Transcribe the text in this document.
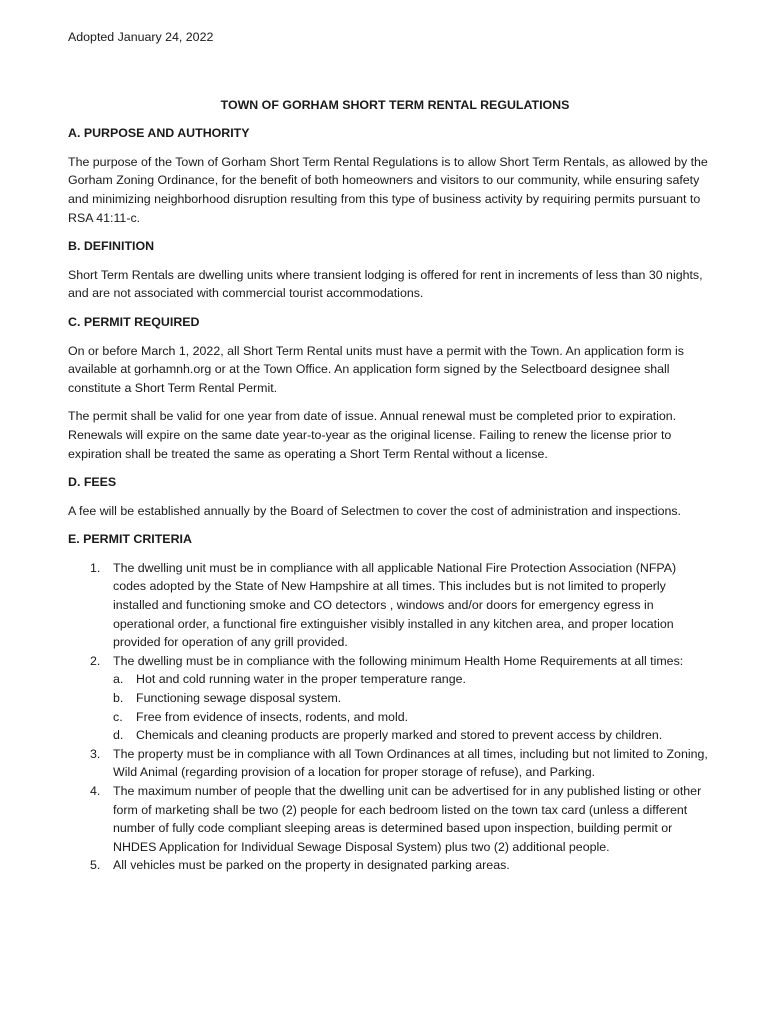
Adopted January 24, 2022

TOWN OF GORHAM SHORT TERM RENTAL REGULATIONS

A. PURPOSE AND AUTHORITY

The purpose of the Town of Gorham Short Term Rental Regulations is to allow Short Term Rentals, as allowed by the Gorham Zoning Ordinance, for the benefit of both homeowners and visitors to our community, while ensuring safety and minimizing neighborhood disruption resulting from this type of business activity by requiring permits pursuant to RSA 41:11-c.

B. DEFINITION

Short Term Rentals are dwelling units where transient lodging is offered for rent in increments of less than 30 nights, and are not associated with commercial tourist accommodations.

C. PERMIT REQUIRED

On or before March 1, 2022, all Short Term Rental units must have a permit with the Town. An application form is available at gorhamnh.org or at the Town Office. An application form signed by the Selectboard designee shall constitute a Short Term Rental Permit.

The permit shall be valid for one year from date of issue. Annual renewal must be completed prior to expiration. Renewals will expire on the same date year-to-year as the original license. Failing to renew the license prior to expiration shall be treated the same as operating a Short Term Rental without a license.

D. FEES

A fee will be established annually by the Board of Selectmen to cover the cost of administration and inspections.

E. PERMIT CRITERIA

1. The dwelling unit must be in compliance with all applicable National Fire Protection Association (NFPA) codes adopted by the State of New Hampshire at all times. This includes but is not limited to properly installed and functioning smoke and CO detectors , windows and/or doors for emergency egress in operational order, a functional fire extinguisher visibly installed in any kitchen area, and proper location provided for operation of any grill provided.
2. The dwelling must be in compliance with the following minimum Health Home Requirements at all times:
a. Hot and cold running water in the proper temperature range.
b. Functioning sewage disposal system.
c. Free from evidence of insects, rodents, and mold.
d. Chemicals and cleaning products are properly marked and stored to prevent access by children.
3. The property must be in compliance with all Town Ordinances at all times, including but not limited to Zoning, Wild Animal (regarding provision of a location for proper storage of refuse), and Parking.
4. The maximum number of people that the dwelling unit can be advertised for in any published listing or other form of marketing shall be two (2) people for each bedroom listed on the town tax card (unless a different number of fully code compliant sleeping areas is determined based upon inspection, building permit or NHDES Application for Individual Sewage Disposal System) plus two (2) additional people.
5. All vehicles must be parked on the property in designated parking areas.
